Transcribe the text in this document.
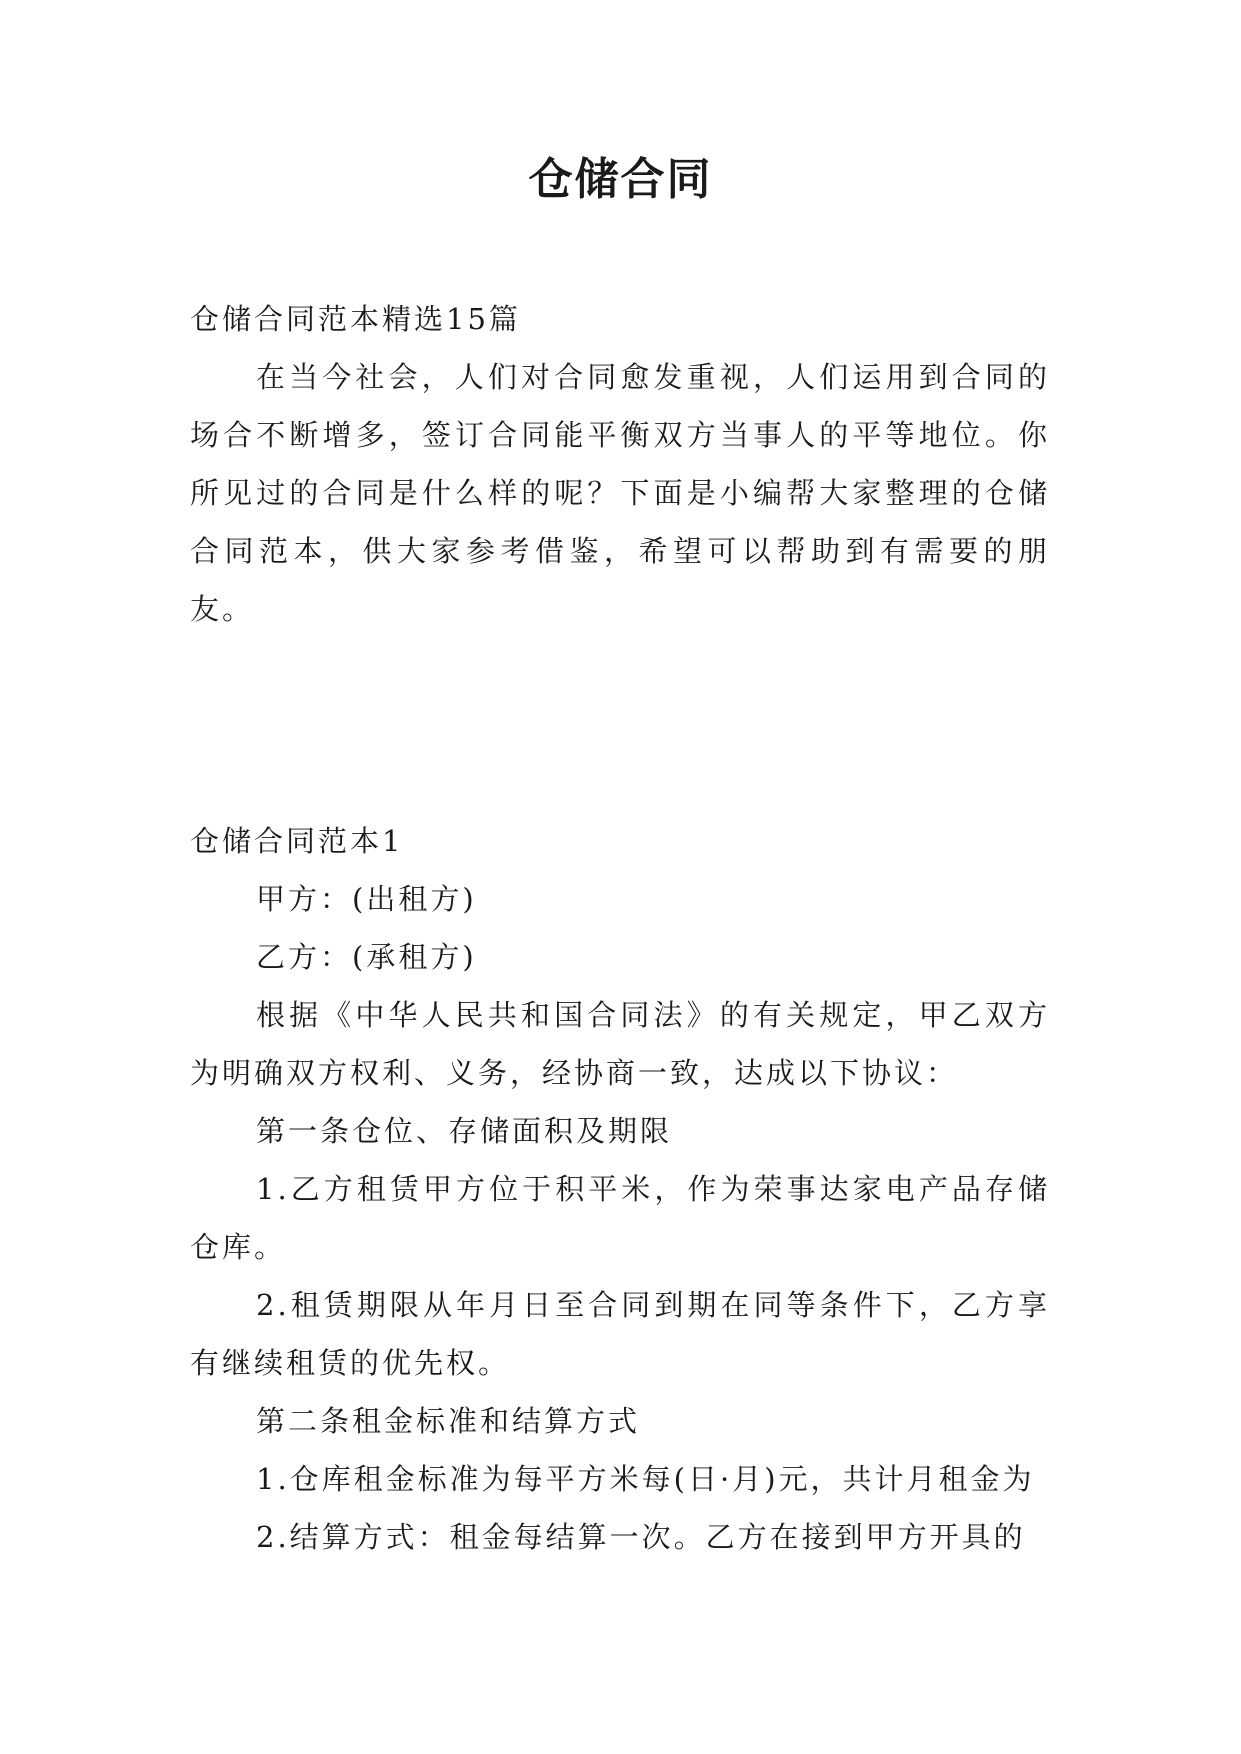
仓储合同

仓储合同范本精选15篇

在当今社会，人们对合同愈发重视，人们运用到合同的场合不断增多，签订合同能平衡双方当事人的平等地位。你所见过的合同是什么样的呢？下面是小编帮大家整理的仓储合同范本，供大家参考借鉴，希望可以帮助到有需要的朋友。

仓储合同范本1

甲方：(出租方)

乙方：(承租方)

根据《中华人民共和国合同法》的有关规定，甲乙双方为明确双方权利、义务，经协商一致，达成以下协议：

第一条仓位、存储面积及期限

1.乙方租赁甲方位于积平米，作为荣事达家电产品存储仓库。

2.租赁期限从年月日至合同到期在同等条件下，乙方享有继续租赁的优先权。

第二条租金标准和结算方式

1.仓库租金标准为每平方米每(日·月)元，共计月租金为

2.结算方式：租金每结算一次。乙方在接到甲方开具的
